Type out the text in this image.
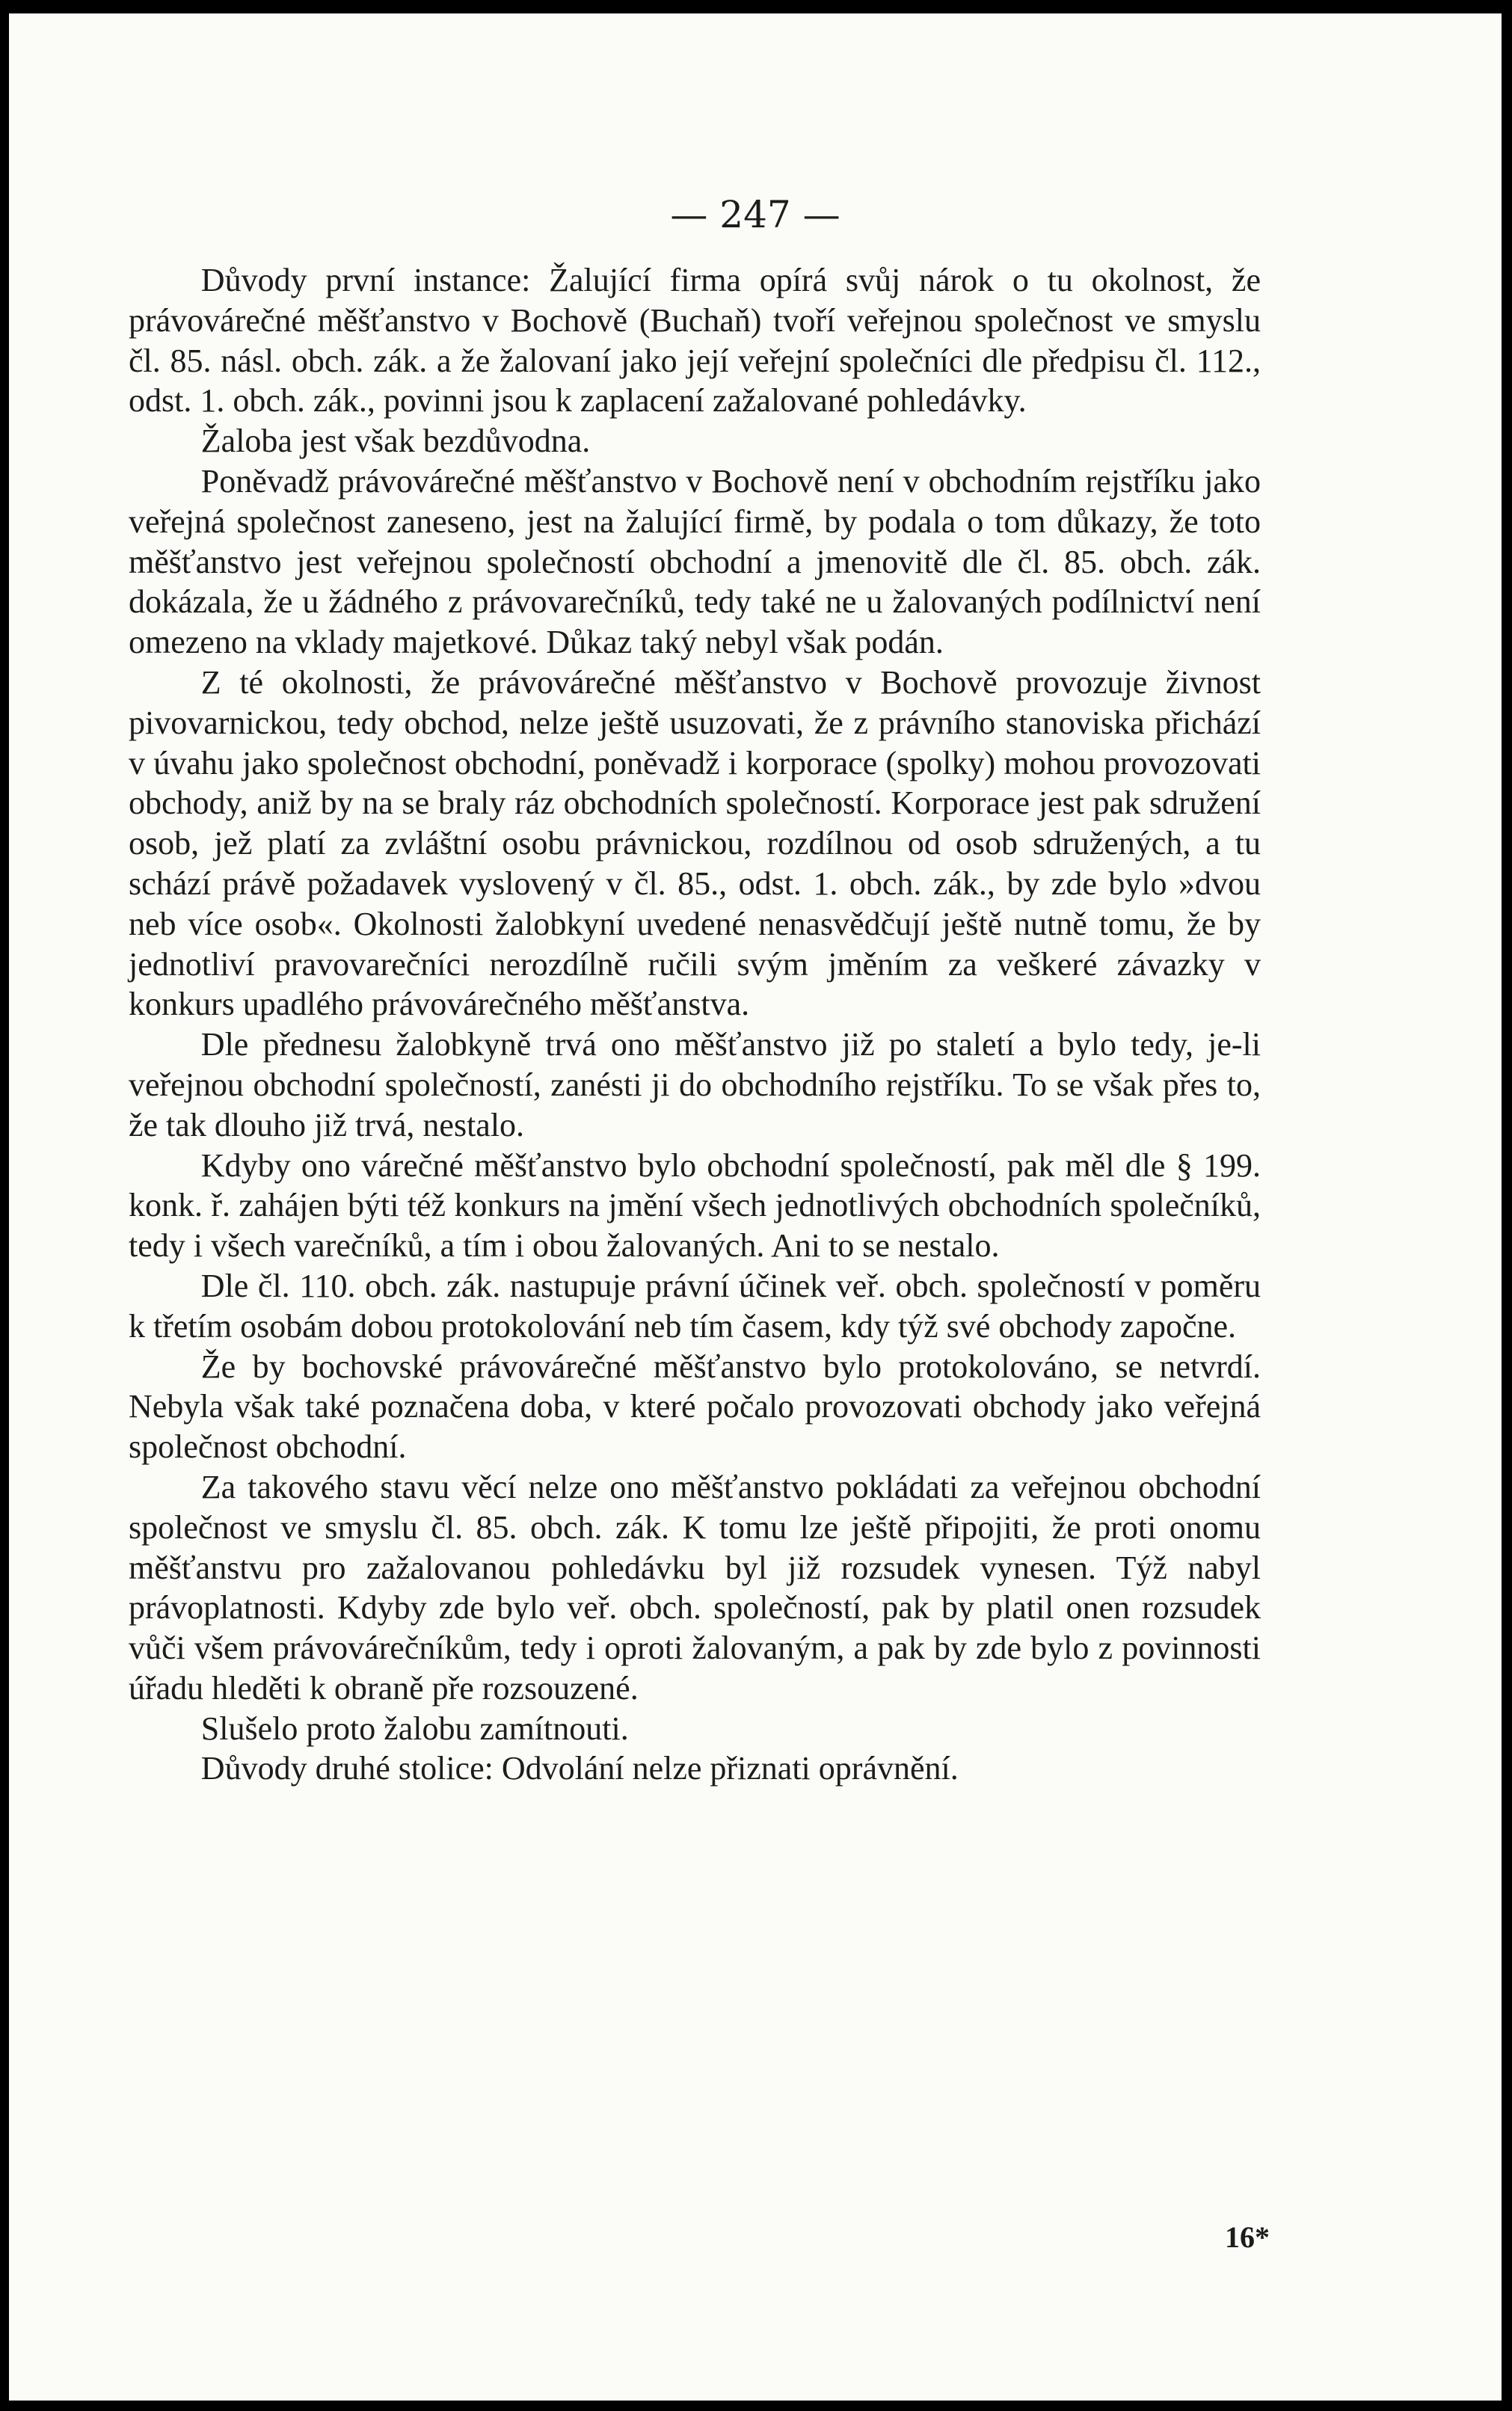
— 247 —

Důvody první instance: Žalující firma opírá svůj nárok o tu okolnost, že právovárečné měšťanstvo v Bochově (Buchaň) tvoří veřejnou společnost ve smyslu čl. 85. násl. obch. zák. a že žalovaní jako její veřejní společníci dle předpisu čl. 112., odst. 1. obch. zák., povinni jsou k zaplacení zažalované pohledávky.

Žaloba jest však bezdůvodna.

Poněvadž právovárečné měšťanstvo v Bochově není v obchodním rejstříku jako veřejná společnost zaneseno, jest na žalující firmě, by podala o tom důkazy, že toto měšťanstvo jest veřejnou společností obchodní a jmenovitě dle čl. 85. obch. zák. dokázala, že u žádného z právovarečníků, tedy také ne u žalovaných podílnictví není omezeno na vklady majetkové. Důkaz taký nebyl však podán.

Z té okolnosti, že právovárečné měšťanstvo v Bochově provozuje živnost pivovarnickou, tedy obchod, nelze ještě usuzovati, že z právního stanoviska přichází v úvahu jako společnost obchodní, poněvadž i korporace (spolky) mohou provozovati obchody, aniž by na se braly ráz obchodních společností. Korporace jest pak sdružení osob, jež platí za zvláštní osobu právnickou, rozdílnou od osob sdružených, a tu schází právě požadavek vyslovený v čl. 85., odst. 1. obch. zák., by zde bylo »dvou neb více osob«. Okolnosti žalobkyní uvedené nenasvědčují ještě nutně tomu, že by jednotliví pravovarečníci nerozdílně ručili svým jměním za veškeré závazky v konkurs upadlého právovárečného měšťanstva.

Dle přednesu žalobkyně trvá ono měšťanstvo již po staletí a bylo tedy, je-li veřejnou obchodní společností, zanésti ji do obchodního rejstříku. To se však přes to, že tak dlouho již trvá, nestalo.

Kdyby ono várečné měšťanstvo bylo obchodní společností, pak měl dle § 199. konk. ř. zahájen býti též konkurs na jmění všech jednotlivých obchodních společníků, tedy i všech varečníků, a tím i obou žalovaných. Ani to se nestalo.

Dle čl. 110. obch. zák. nastupuje právní účinek veř. obch. společností v poměru k třetím osobám dobou protokolování neb tím časem, kdy týž své obchody započne.

Že by bochovské právovárečné měšťanstvo bylo protokolováno, se netvrdí. Nebyla však také poznačena doba, v které počalo provozovati obchody jako veřejná společnost obchodní.

Za takového stavu věcí nelze ono měšťanstvo pokládati za veřejnou obchodní společnost ve smyslu čl. 85. obch. zák. K tomu lze ještě připojiti, že proti onomu měšťanstvu pro zažalovanou pohledávku byl již rozsudek vynesen. Týž nabyl právoplatnosti. Kdyby zde bylo veř. obch. společností, pak by platil onen rozsudek vůči všem právovárečníkům, tedy i oproti žalovaným, a pak by zde bylo z povinnosti úřadu hleděti k obraně pře rozsouzené.

Slušelo proto žalobu zamítnouti.

Důvody druhé stolice: Odvolání nelze přiznati oprávnění.

16*
